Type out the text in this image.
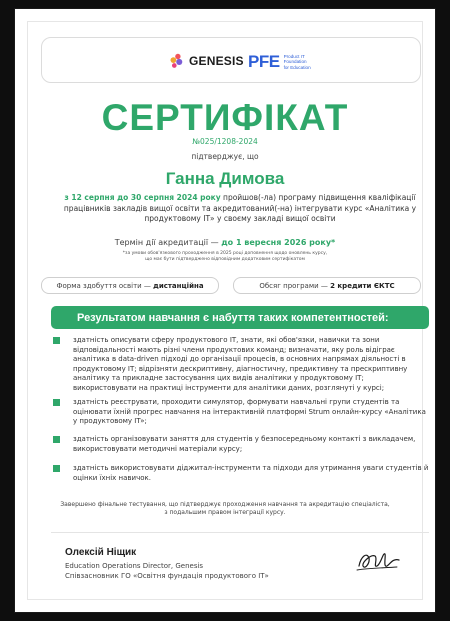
GENESIS PFE Product IT
Foundation
for Education
СЕРТИФІКАТ
№025/1208-2024
підтверджує, що
Ганна Димова
з 12 серпня до 30 серпня 2024 року пройшов(-ла) програму підвищення кваліфікації працівників закладів вищої освіти та акредитований(-на) інтегрувати курс «Аналітика у продуктовому ІТ» у своєму закладі вищої освіти
Термін дії акредитації — до 1 вересня 2026 року*
*за умови обов'язкового проходження в 2025 році доповнення щодо оновлень курсу,
що має бути підтверджено відповідним додатковим сертифікатом
Форма здобуття освіти —
дистанційна	Обсяг програми —
2 кредити ЄКТС
Результатом навчання є набуття таких компетентностей:
здатність описувати сферу продуктового IT, знати, які обов'язки, навички та зони відповідальності мають різні члени продуктових команд; визначати, яку роль відіграє аналітика в data-driven підході до організації процесів, в основних напрямах діяльності в продуктовому IT; відрізняти дескриптивну, діагностичну, предиктивну та прескриптивну аналітику та прикладне застосування цих видів аналітики у продуктовому IT; використовувати на практиці інструменти для аналітики даних, розглянуті у курсі;
здатність реєструвати, проходити симулятор, формувати навчальні групи студентів та оцінювати їхній прогрес навчання на інтерактивній платформі Strum онлайн-курсу «Аналітика у продуктовому IT»;
здатність організовувати заняття для студентів у безпосередньому контакті з викладачем, використовувати методичні матеріали курсу;
здатність використовувати діджитал-інструменти та підходи для утримання уваги студентів й оцінки їхніх навичок.
Завершено фінальне тестування, що підтверджує проходження навчання та акредитацію спеціаліста,
з подальшим правом інтеграції курсу.
Олексій Ніщик
Education Operations Director, Genesis
Співзасновник ГО «Освітня фундація продуктового ІТ»
